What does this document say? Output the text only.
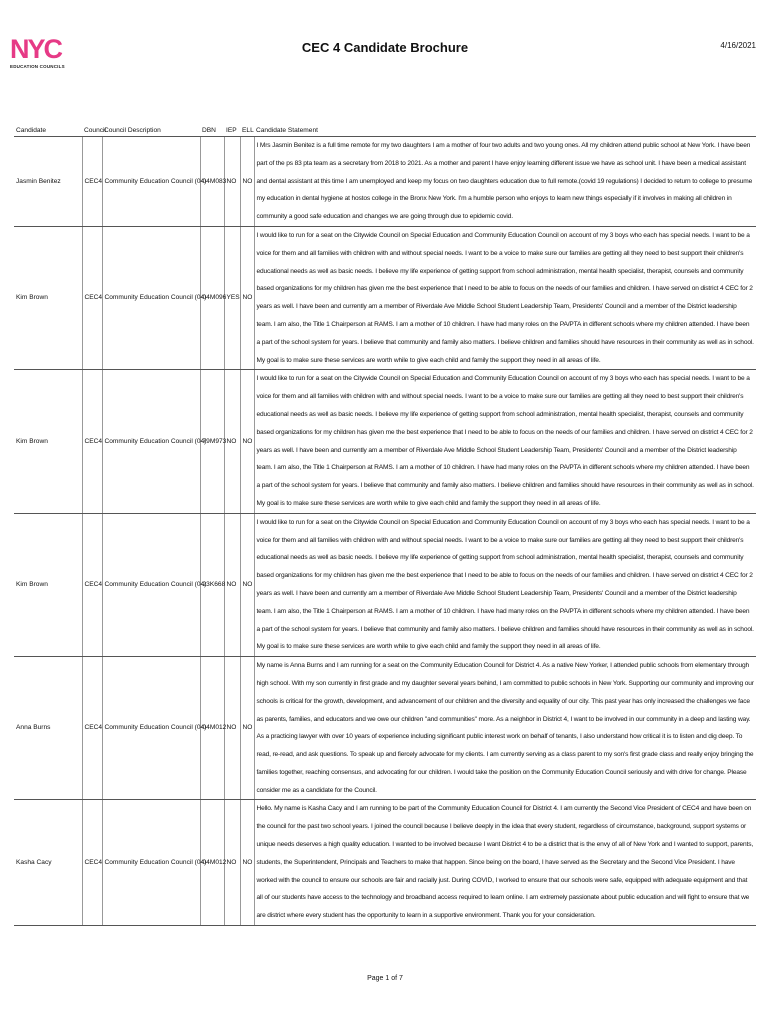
NYC
EDUCATION COUNCILS
CEC 4 Candidate Brochure	4/16/2021
Candidate	Council	Council Description	DBN	IEP	ELL	Candidate Statement
Jasmin Benitez	CEC4	Community Education Council (04)	04M083	NO	NO	I Mrs Jasmin Benitez is a full time remote for my two daughters I am a mother of four two adults and two young ones. All my children attend public school at New York. I have been part of the ps 83 pta team as a secretary from 2018 to 2021. As a mother and parent I have enjoy learning different issue we have as school unit. I have been a medical assistant and dental assistant at this time I am unemployed and keep my focus on two daughters education due to full remote.(covid 19 regulations) I decided to return to college to presume my education in dental hygiene at hostos college in the Bronx New York. I'm a humble person who enjoys to learn new things especially if it involves in making all children in community a good safe education and changes we are going through due to epidemic covid.
Kim Brown	CEC4	Community Education Council (04)	04M096	YES	NO	I would like to run for a seat on the Citywide Council on Special Education and Community Education Council on account of my 3 boys who each has special needs. I want to be a voice for them and all families with children with and without special needs. I want to be a voice to make sure our families are getting all they need to best support their children's educational needs as well as basic needs. I believe my life experience of getting support from school administration, mental health specialist, therapist, counsels and community based organizations for my children has given me the best experience that I need to be able to focus on the needs of our families and children. I have served on district 4 CEC for 2 years as well. I have been and currently am a member of Riverdale Ave Middle School Student Leadership Team, Presidents' Council and a member of the District leadership team. I am also, the Title 1 Chairperson at RAMS. I am a mother of 10 children. I have had many roles on the PA/PTA in different schools where my children attended. I have been a part of the school system for years. I believe that community and family also matters. I believe children and families should have resources in their community as well as in school. My goal is to make sure these services are worth while to give each child and family the support they need in all areas of life.
Kim Brown	CEC4	Community Education Council (04)	79M973	NO	NO	I would like to run for a seat on the Citywide Council on Special Education and Community Education Council on account of my 3 boys who each has special needs. I want to be a voice for them and all families with children with and without special needs. I want to be a voice to make sure our families are getting all they need to best support their children's educational needs as well as basic needs. I believe my life experience of getting support from school administration, mental health specialist, therapist, counsels and community based organizations for my children has given me the best experience that I need to be able to focus on the needs of our families and children. I have served on district 4 CEC for 2 years as well. I have been and currently am a member of Riverdale Ave Middle School Student Leadership Team, Presidents' Council and a member of the District leadership team. I am also, the Title 1 Chairperson at RAMS. I am a mother of 10 children. I have had many roles on the PA/PTA in different schools where my children attended. I have been a part of the school system for years. I believe that community and family also matters. I believe children and families should have resources in their community as well as in school. My goal is to make sure these services are worth while to give each child and family the support they need in all areas of life.
Kim Brown	CEC4	Community Education Council (04)	23K668	NO	NO	I would like to run for a seat on the Citywide Council on Special Education and Community Education Council on account of my 3 boys who each has special needs. I want to be a voice for them and all families with children with and without special needs. I want to be a voice to make sure our families are getting all they need to best support their children's educational needs as well as basic needs. I believe my life experience of getting support from school administration, mental health specialist, therapist, counsels and community based organizations for my children has given me the best experience that I need to be able to focus on the needs of our families and children. I have served on district 4 CEC for 2 years as well. I have been and currently am a member of Riverdale Ave Middle School Student Leadership Team, Presidents' Council and a member of the District leadership team. I am also, the Title 1 Chairperson at RAMS. I am a mother of 10 children. I have had many roles on the PA/PTA in different schools where my children attended. I have been a part of the school system for years. I believe that community and family also matters. I believe children and families should have resources in their community as well as in school. My goal is to make sure these services are worth while to give each child and family the support they need in all areas of life.
Anna Burns	CEC4	Community Education Council (04)	04M012	NO	NO	My name is Anna Burns and I am running for a seat on the Community Education Council for District 4. As a native New Yorker, I attended public schools from elementary through high school. With my son currently in first grade and my daughter several years behind, I am committed to public schools in New York. Supporting our community and improving our schools is critical for the growth, development, and advancement of our children and the diversity and equality of our city. This past year has only increased the challenges we face as parents, families, and educators and we owe our children "and communities" more. As a neighbor in District 4, I want to be involved in our community in a deep and lasting way. As a practicing lawyer with over 10 years of experience including significant public interest work on behalf of tenants, I also understand how critical it is to listen and dig deep. To read, re-read, and ask questions. To speak up and fiercely advocate for my clients. I am currently serving as a class parent to my son's first grade class and really enjoy bringing the families together, reaching consensus, and advocating for our children. I would take the position on the Community Education Council seriously and with drive for change. Please consider me as a candidate for the Council.
Kasha Cacy	CEC4	Community Education Council (04)	04M012	NO	NO	Hello. My name is Kasha Cacy and I am running to be part of the Community Education Council for District 4. I am currently the Second Vice President of CEC4 and have been on the council for the past two school years. I joined the council because I believe deeply in the idea that every student, regardless of circumstance, background, support systems or unique needs deserves a high quality education. I wanted to be involved because I want District 4 to be a district that is the envy of all of New York and I wanted to support, parents, students, the Superintendent, Principals and Teachers to make that happen. Since being on the board, I have served as the Secretary and the Second Vice President. I have worked with the council to ensure our schools are fair and racially just. During COVID, I worked to ensure that our schools were safe, equipped with adequate equipment and that all of our students have access to the technology and broadband access required to learn online. I am extremely passionate about public education and will fight to ensure that we are district where every student has the opportunity to learn in a supportive environment. Thank you for your consideration.
Page 1 of 7
